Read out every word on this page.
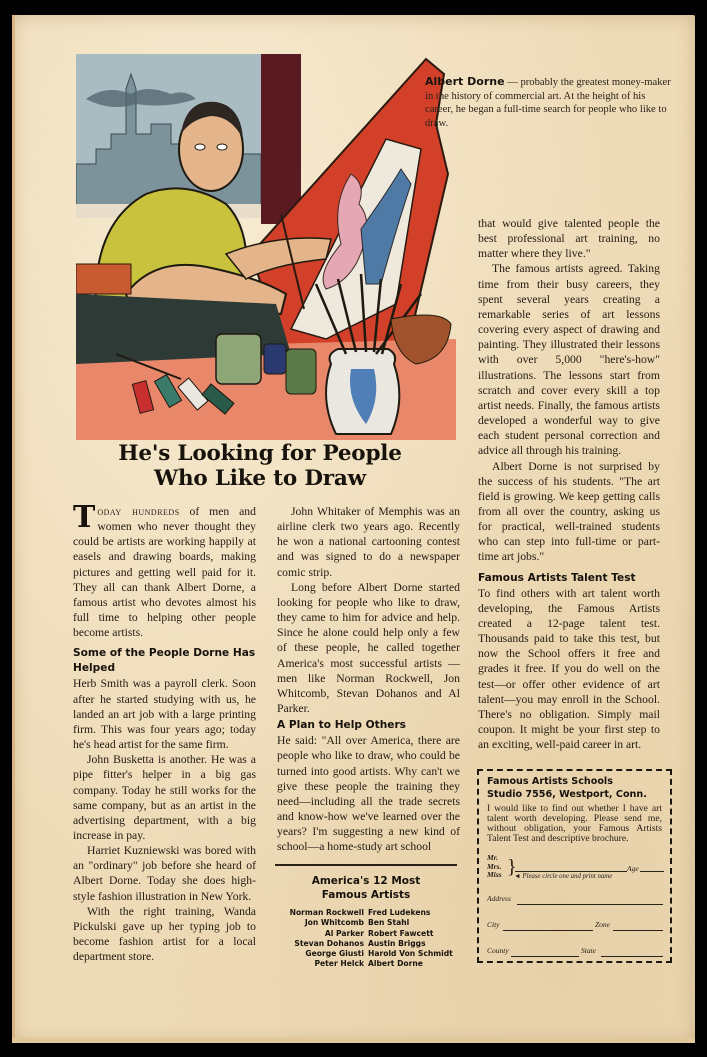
Albert Dorne — probably the greatest money-maker in the history of commercial art. At the height of his career, he began a full-time search for people who like to draw.
He's Looking for People
Who Like to Draw

Today hundreds of men and women who never thought they could be artists are working happily at easels and drawing boards, making pictures and getting well paid for it. They all can thank Albert Dorne, a famous artist who devotes almost his full time to helping other people become artists.

Some of the People Dorne Has Helped

Herb Smith was a payroll clerk. Soon after he started studying with us, he landed an art job with a large printing firm. This was four years ago; today he's head artist for the same firm.

John Busketta is another. He was a pipe fitter's helper in a big gas company. Today he still works for the same company, but as an artist in the advertising department, with a big increase in pay.

Harriet Kuzniewski was bored with an "ordinary" job before she heard of Albert Dorne. Today she does high-style fashion illustration in New York.

With the right training, Wanda Pickulski gave up her typing job to become fashion artist for a local department store.

John Whitaker of Memphis was an airline clerk two years ago. Recently he won a national cartooning contest and was signed to do a newspaper comic strip.

Long before Albert Dorne started looking for people who like to draw, they came to him for advice and help. Since he alone could help only a few of these people, he called together America's most successful artists —men like Norman Rockwell, Jon Whitcomb, Stevan Dohanos and Al Parker.

A Plan to Help Others

He said: "All over America, there are people who like to draw, who could be turned into good artists. Why can't we give these people the training they need—including all the trade secrets and know-how we've learned over the years? I'm suggesting a new kind of school—a home-study art school

that would give talented people the best professional art training, no matter where they live."

The famous artists agreed. Taking time from their busy careers, they spent several years creating a remarkable series of art lessons covering every aspect of drawing and painting. They illustrated their lessons with over 5,000 "here's-how" illustrations. The lessons start from scratch and cover every skill a top artist needs. Finally, the famous artists developed a wonderful way to give each student personal correction and advice all through his training.

Albert Dorne is not surprised by the success of his students. "The art field is growing. We keep getting calls from all over the country, asking us for practical, well-trained students who can step into full-time or part-time art jobs."

Famous Artists Talent Test

To find others with art talent worth developing, the Famous Artists created a 12-page talent test. Thousands paid to take this test, but now the School offers it free and grades it free. If you do well on the test—or offer other evidence of art talent—you may enroll in the School. There's no obligation. Simply mail coupon. It might be your first step to an exciting, well-paid career in art.

America's 12 Most
Famous Artists
Norman Rockwell	Fred Ludekens
Jon Whitcomb	Ben Stahl
Al Parker	Robert Fawcett
Stevan Dohanos	Austin Briggs
George Giusti	Harold Von Schmidt
Peter Helck	Albert Dorne
Famous Artists Schools
Studio 7556, Westport, Conn.
I would like to find out whether I have art talent worth developing. Please send me, without obligation, your Famous Artists Talent Test and descriptive brochure.
Mr.
Mrs.
Miss }	Age
◄ Please circle one and print name
Address
City	Zone
County	State
